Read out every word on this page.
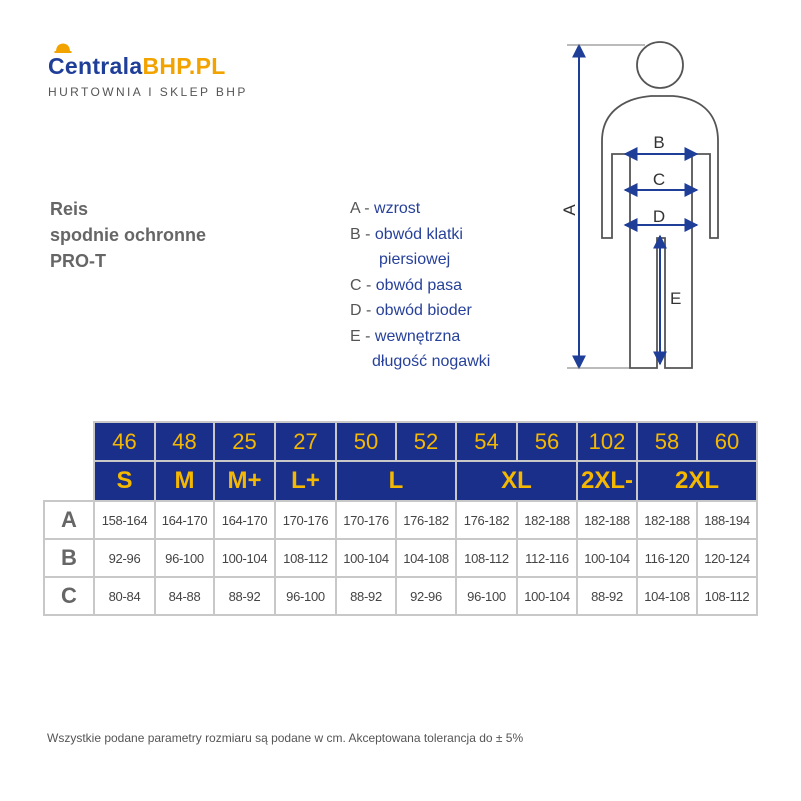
CentralaBHP.PL
HURTOWNIA I SKLEP BHP
Reis
spodnie ochronne
PRO-T
A - wzrost
B - obwód klatki
piersiowej
C - obwód pasa
D - obwód bioder
E - wewnętrzna
długość nogawki
A
B
C
D
E
	46	48	25	27	50	52	54	56	102	58	60
	S	M	M+	L+	L		XL		2XL-	2XL	
A	158-164	164-170	164-170	170-176	170-176	176-182	176-182	182-188	182-188	182-188	188-194
B	92-96	96-100	100-104	108-112	100-104	104-108	108-112	112-116	100-104	116-120	120-124
C	80-84	84-88	88-92	96-100	88-92	92-96	96-100	100-104	88-92	104-108	108-112
Wszystkie podane parametry rozmiaru są podane w cm. Akceptowana tolerancja do ± 5%
